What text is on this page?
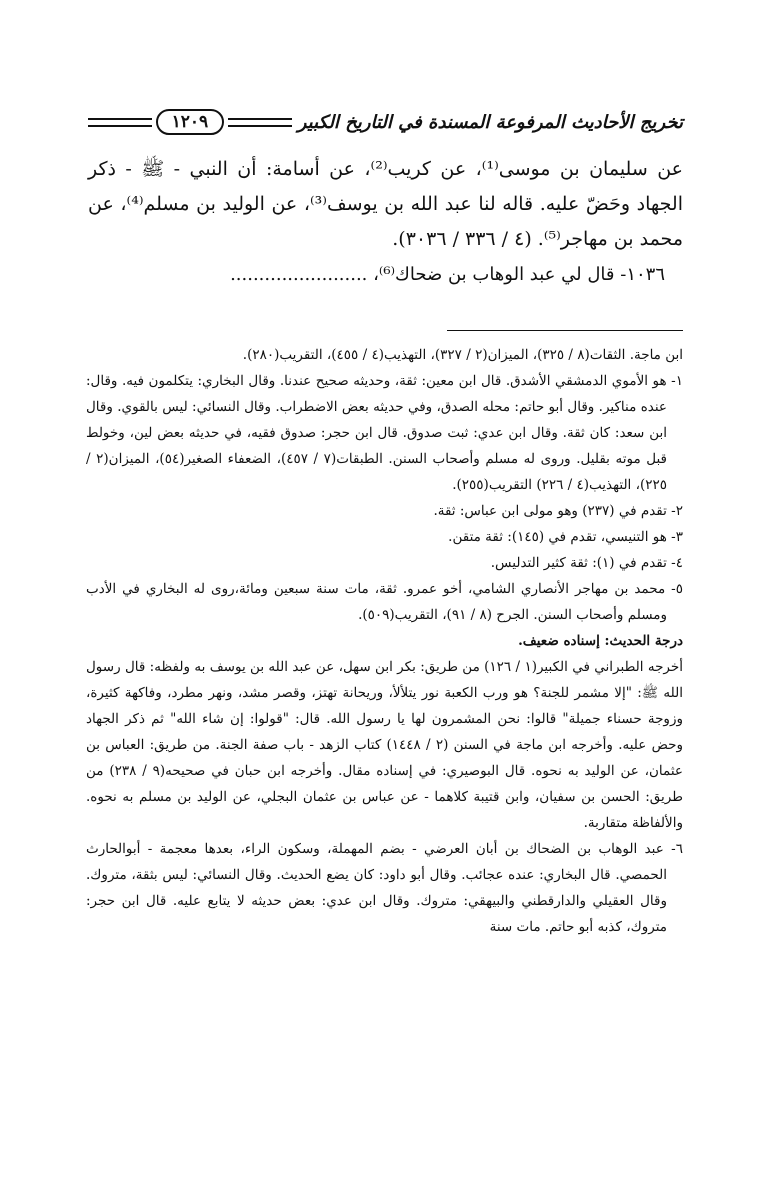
تخريج الأحاديث المرفوعة المسندة في التاريخ الكبير
١٢٠٩

عن سليمان بن موسى⁽¹⁾، عن كريب⁽²⁾، عن أسامة: أن النبي - ﷺ - ذكر الجهاد وحَضّ عليه. قاله لنا عبد الله بن يوسف⁽³⁾، عن الوليد بن مسلم⁽⁴⁾، عن محمد بن مهاجر⁽⁵⁾. (٤ / ٣٣٦ / ٣٠٣٦).

١٠٣٦- قال لي عبد الوهاب بن ضحاك⁽⁶⁾، ........................

ابن ماجة. الثقات(٨ / ٣٢٥)، الميزان(٢ / ٣٢٧)، التهذيب(٤ / ٤٥٥)، التقريب(٢٨٠).

١- هو الأموي الدمشقي الأشدق. قال ابن معين: ثقة، وحديثه صحيح عندنا. وقال البخاري: يتكلمون فيه. وقال: عنده مناكير. وقال أبو حاتم: محله الصدق، وفي حديثه بعض الاضطراب. وقال النسائي: ليس بالقوي. وقال ابن سعد: كان ثقة. وقال ابن عدي: ثبت صدوق. قال ابن حجر: صدوق فقيه، في حديثه بعض لين، وخولط قبل موته بقليل. وروى له مسلم وأصحاب السنن. الطبقات(٧ / ٤٥٧)، الضعفاء الصغير(٥٤)، الميزان(٢ / ٢٢٥)، التهذيب(٤ / ٢٢٦) التقريب(٢٥٥).

٢- تقدم في (٢٣٧) وهو مولى ابن عباس: ثقة.

٣- هو التنيسي، تقدم في (١٤٥): ثقة متقن.

٤- تقدم في (١): ثقة كثير التدليس.

٥- محمد بن مهاجر الأنصاري الشامي، أخو عمرو. ثقة، مات سنة سبعين ومائة،روى له البخاري في الأدب ومسلم وأصحاب السنن. الجرح (٨ / ٩١)، التقريب(٥٠٩).

درجة الحديث: إسناده ضعيف.

أخرجه الطبراني في الكبير(١ / ١٢٦) من طريق: بكر ابن سهل، عن عبد الله بن يوسف به ولفظه: قال رسول الله ﷺ: "إلا مشمر للجنة؟ هو ورب الكعبة نور يتلألأ، وريحانة تهتز، وقصر مشد، ونهر مطرد، وفاكهة كثيرة، وزوجة حسناء جميلة" قالوا: نحن المشمرون لها يا رسول الله. قال: "قولوا: إن شاء الله" ثم ذكر الجهاد وحض عليه. وأخرجه ابن ماجة في السنن (٢ / ١٤٤٨) كتاب الزهد - باب صفة الجنة. من طريق: العباس بن عثمان، عن الوليد به نحوه. قال البوصيري: في إسناده مقال. وأخرجه ابن حبان في صحيحه(٩ / ٢٣٨) من طريق: الحسن بن سفيان، وابن قتيبة كلاهما - عن عباس بن عثمان البجلي، عن الوليد بن مسلم به نحوه. والألفاظة متقاربة.

٦- عبد الوهاب بن الضحاك بن أبان العرضي - بضم المهملة، وسكون الراء، بعدها معجمة - أبوالحارث الحمصي. قال البخاري: عنده عجائب. وقال أبو داود: كان يضع الحديث. وقال النسائي: ليس بثقة، متروك. وقال العقيلي والدارقطني والبيهقي: متروك. وقال ابن عدي: بعض حديثه لا يتابع عليه. قال ابن حجر: متروك، كذبه أبو حاتم. مات سنة
